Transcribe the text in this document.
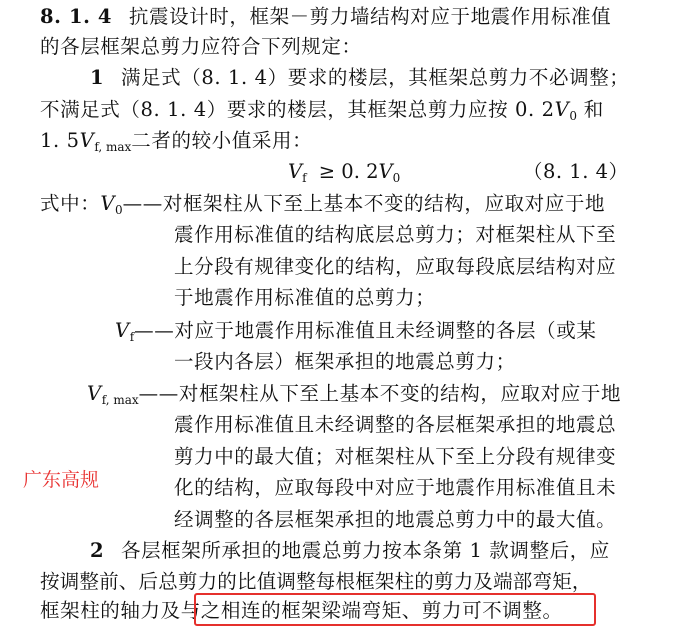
8. 1. 4 抗震设计时，框架－剪力墙结构对应于地震作用标准值
的各层框架总剪力应符合下列规定：
1 满足式（8. 1. 4）要求的楼层，其框架总剪力不必调整；
不满足式（8. 1. 4）要求的楼层，其框架总剪力应按 0. $2V_0$ 和
1. $5V_{f, max}$二者的较小值采用：
$V_f \ge 0$. $2V_0$	（8. 1. 4）
式中：$V_0——$对框架柱从下至上基本不变的结构，应取对应于地
震作用标准值的结构底层总剪力；对框架柱从下至
上分段有规律变化的结构，应取每段底层结构对应
于地震作用标准值的总剪力；
$V_f——$对应于地震作用标准值且未经调整的各层（或某
一段内各层）框架承担的地震总剪力；
$V_{f, max}——$对框架柱从下至上基本不变的结构，应取对应于地
震作用标准值且未经调整的各层框架承担的地震总
剪力中的最大值；对框架柱从下至上分段有规律变
化的结构，应取每段中对应于地震作用标准值且未
经调整的各层框架承担的地震总剪力中的最大值。
2 各层框架所承担的地震总剪力按本条第 1 款调整后，应
按调整前、后总剪力的比值调整每根框架柱的剪力及端部弯矩，
框架柱的轴力及与之相连的框架梁端弯矩、剪力可不调整。
广东高规
